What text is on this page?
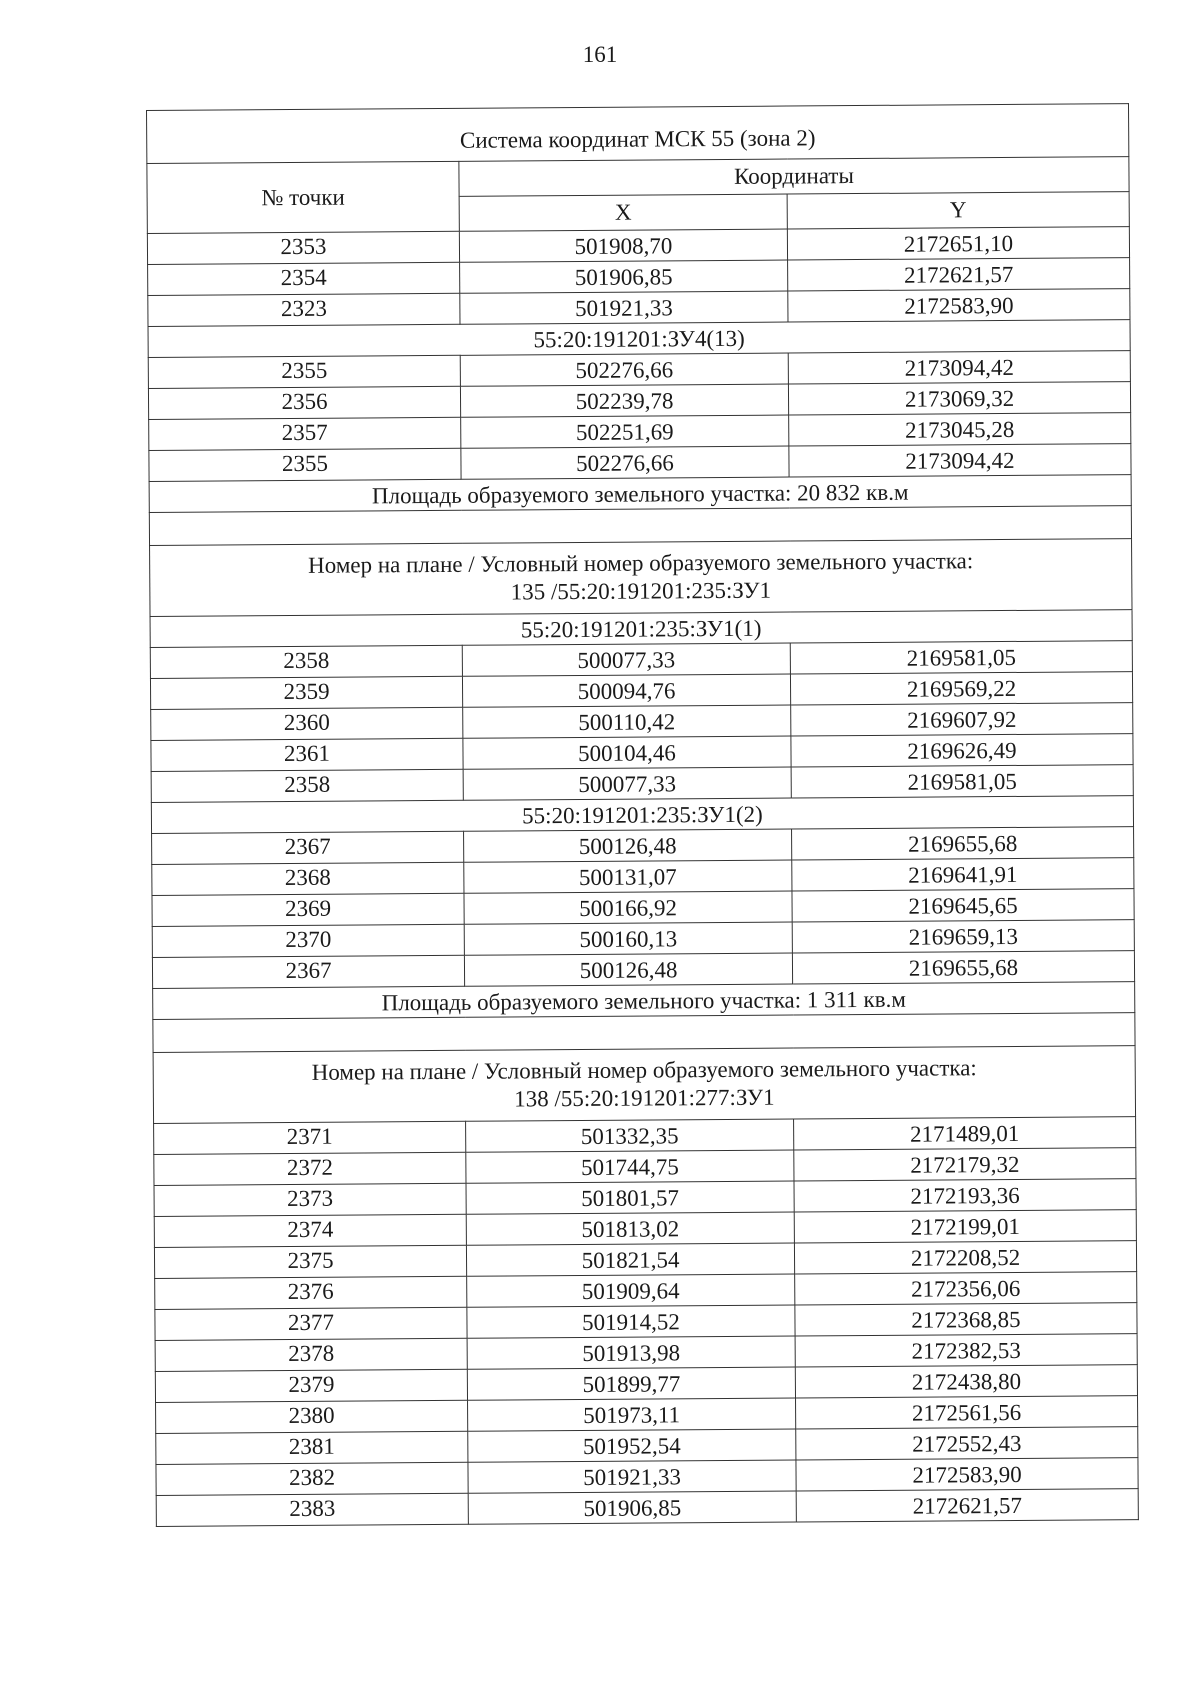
161
Система координат МСК 55 (зона 2)		
№ точки	Координаты	
	X	Y
2353	501908,70	2172651,10
2354	501906,85	2172621,57
2323	501921,33	2172583,90
55:20:191201:ЗУ4(13)		
2355	502276,66	2173094,42
2356	502239,78	2173069,32
2357	502251,69	2173045,28
2355	502276,66	2173094,42
Площадь образуемого земельного участка: 20 832 кв.м		

Номер на плане / Условный номер образуемого земельного участка:
135 /55:20:191201:235:ЗУ1		

55:20:191201:235:ЗУ1(1)		
2358	500077,33	2169581,05
2359	500094,76	2169569,22
2360	500110,42	2169607,92
2361	500104,46	2169626,49
2358	500077,33	2169581,05
55:20:191201:235:ЗУ1(2)		
2367	500126,48	2169655,68
2368	500131,07	2169641,91
2369	500166,92	2169645,65
2370	500160,13	2169659,13
2367	500126,48	2169655,68
Площадь образуемого земельного участка: 1 311 кв.м		

Номер на плане / Условный номер образуемого земельного участка:
138 /55:20:191201:277:ЗУ1		

2371	501332,35	2171489,01
2372	501744,75	2172179,32
2373	501801,57	2172193,36
2374	501813,02	2172199,01
2375	501821,54	2172208,52
2376	501909,64	2172356,06
2377	501914,52	2172368,85
2378	501913,98	2172382,53
2379	501899,77	2172438,80
2380	501973,11	2172561,56
2381	501952,54	2172552,43
2382	501921,33	2172583,90
2383	501906,85	2172621,57
